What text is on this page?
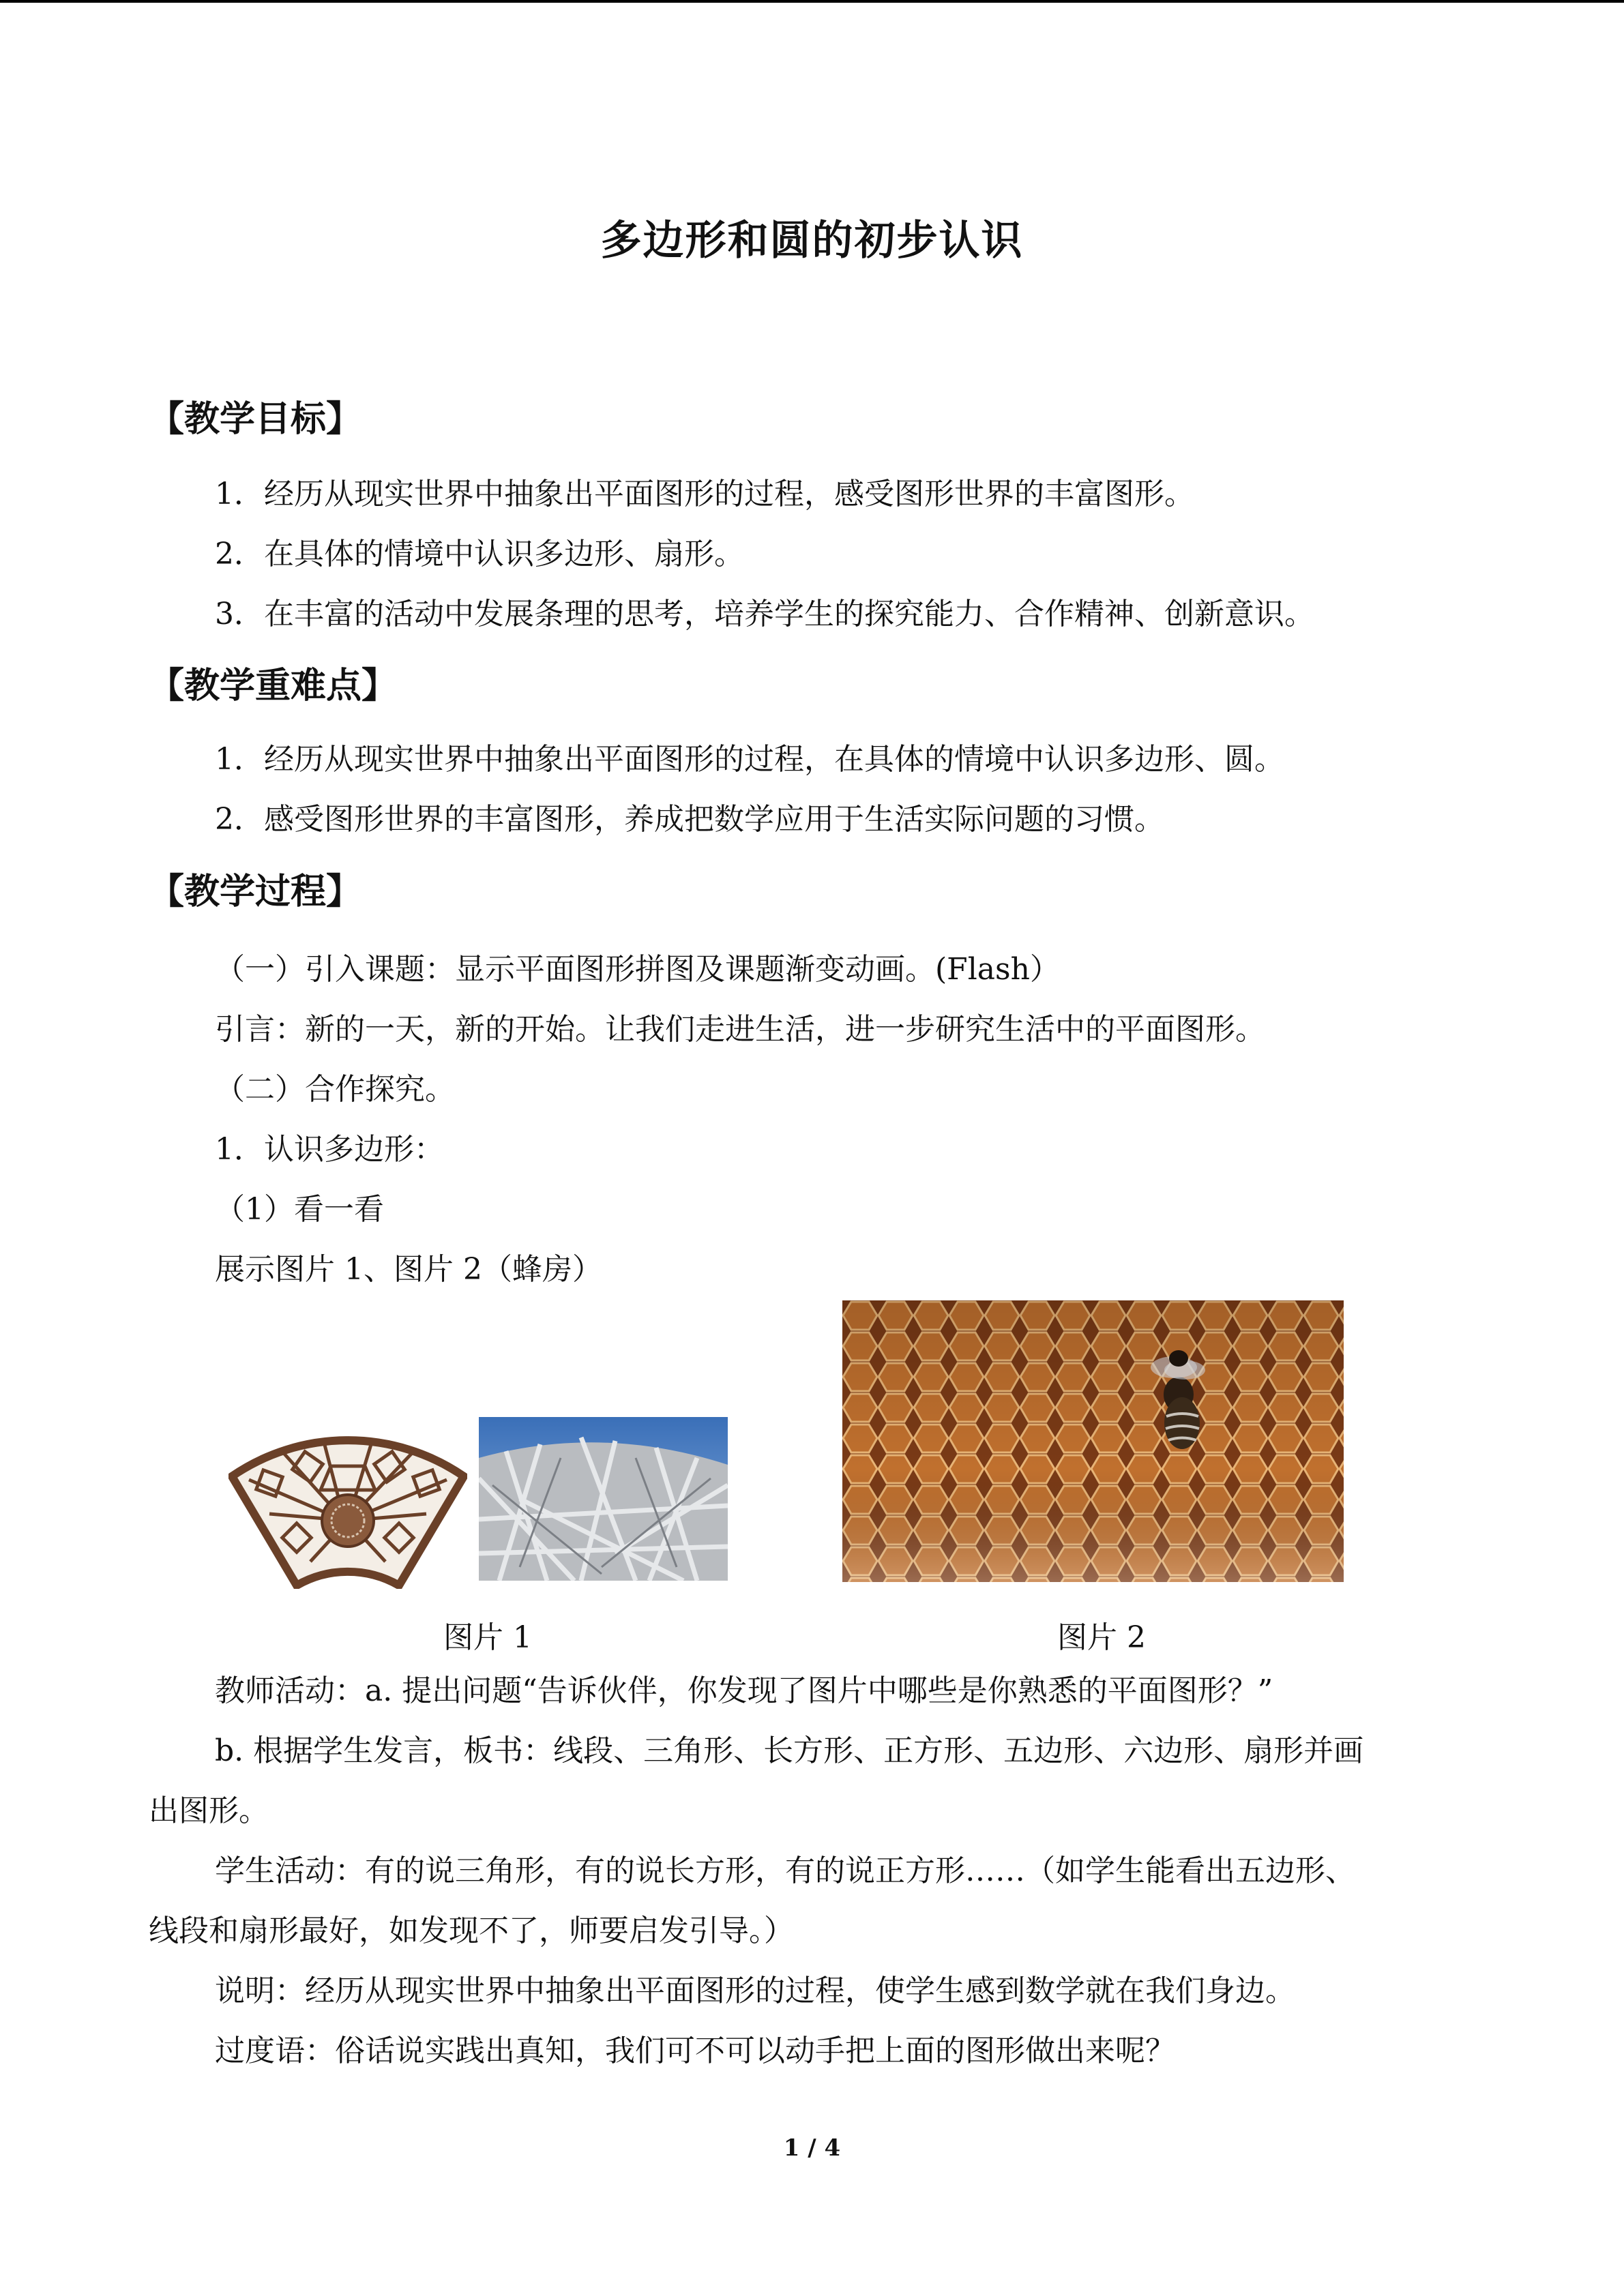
多边形和圆的初步认识
【教学目标】
1．经历从现实世界中抽象出平面图形的过程，感受图形世界的丰富图形。
2．在具体的情境中认识多边形、扇形。
3．在丰富的活动中发展条理的思考，培养学生的探究能力、合作精神、创新意识。
【教学重难点】
1．经历从现实世界中抽象出平面图形的过程，在具体的情境中认识多边形、圆。
2．感受图形世界的丰富图形，养成把数学应用于生活实际问题的习惯。
【教学过程】
（一）引入课题：显示平面图形拼图及课题渐变动画。(Flash）
引言：新的一天，新的开始。让我们走进生活，进一步研究生活中的平面图形。
（二）合作探究。
1．认识多边形：
（1）看一看
展示图片 1、图片 2（蜂房）
图片 1	图片 2
教师活动：a. 提出问题“告诉伙伴，你发现了图片中哪些是你熟悉的平面图形？”
b. 根据学生发言，板书：线段、三角形、长方形、正方形、五边形、六边形、扇形并画
出图形。
学生活动：有的说三角形，有的说长方形，有的说正方形……（如学生能看出五边形、
线段和扇形最好，如发现不了，师要启发引导。）
说明：经历从现实世界中抽象出平面图形的过程，使学生感到数学就在我们身边。
过度语：俗话说实践出真知，我们可不可以动手把上面的图形做出来呢？
1 / 4
